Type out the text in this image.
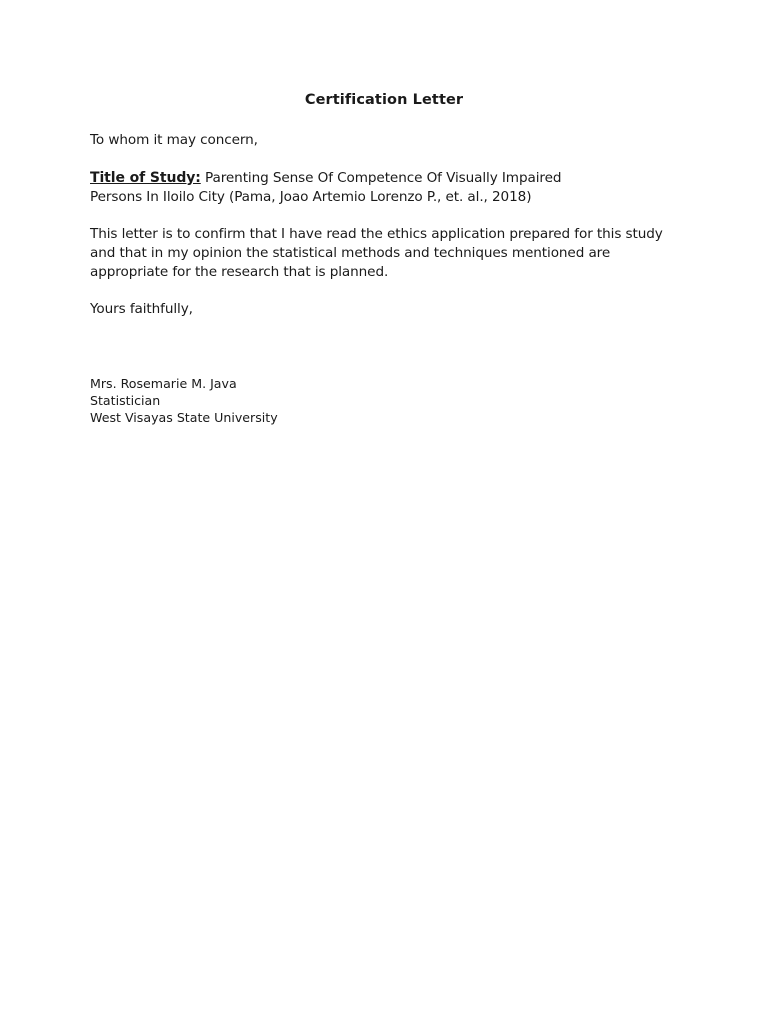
Certification Letter
To whom it may concern,
Title of Study: Parenting Sense Of Competence Of Visually Impaired
Persons In Iloilo City (Pama, Joao Artemio Lorenzo P., et. al., 2018)
This letter is to confirm that I have read the ethics application prepared for this study
and that in my opinion the statistical methods and techniques mentioned are
appropriate for the research that is planned.
Yours faithfully,
Mrs. Rosemarie M. Java
Statistician
West Visayas State University
